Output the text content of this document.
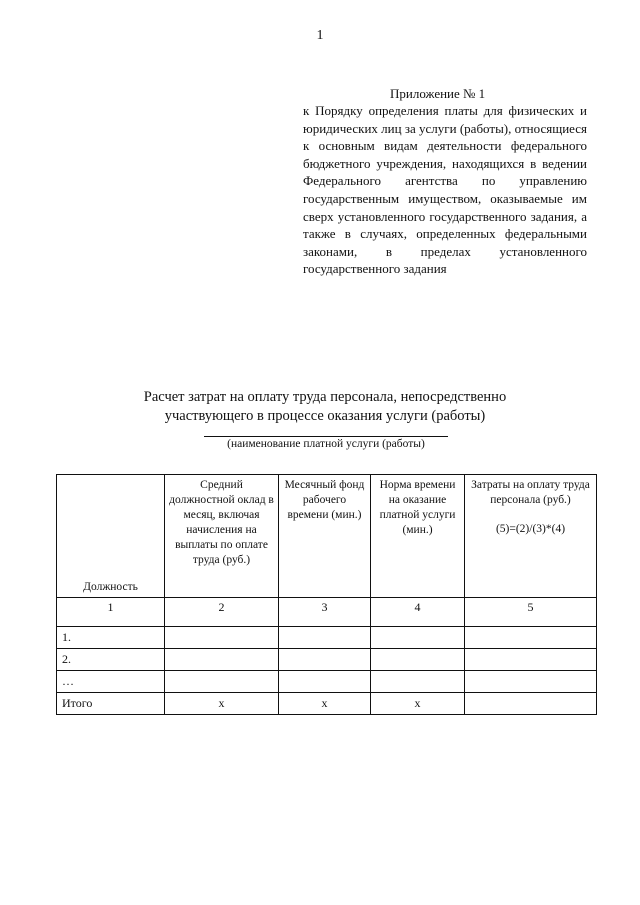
1
Приложение № 1
к Порядку определения платы для физических и юридических лиц за услуги (работы), относящиеся к основным видам деятельности федерального бюджетного учреждения, находящихся в ведении Федерального агентства по управлению государственным имуществом, оказываемые им сверх установленного государственного задания, а также в случаях, определенных федеральными законами, в пределах установленного государственного задания
Расчет затрат на оплату труда персонала, непосредственно
участвующего в процессе оказания услуги (работы)
(наименование платной услуги (работы)
Должность	Средний должностной оклад в месяц, включая начисления на выплаты по оплате труда (руб.)	Месячный фонд рабочего времени (мин.)	Норма времени на оказание платной услуги (мин.)	Затраты на оплату труда персонала (руб.)
(5)=(2)/(3)*(4)

1	2	3	4	5
1.				
2.				
…				
Итого	х	х	х	
